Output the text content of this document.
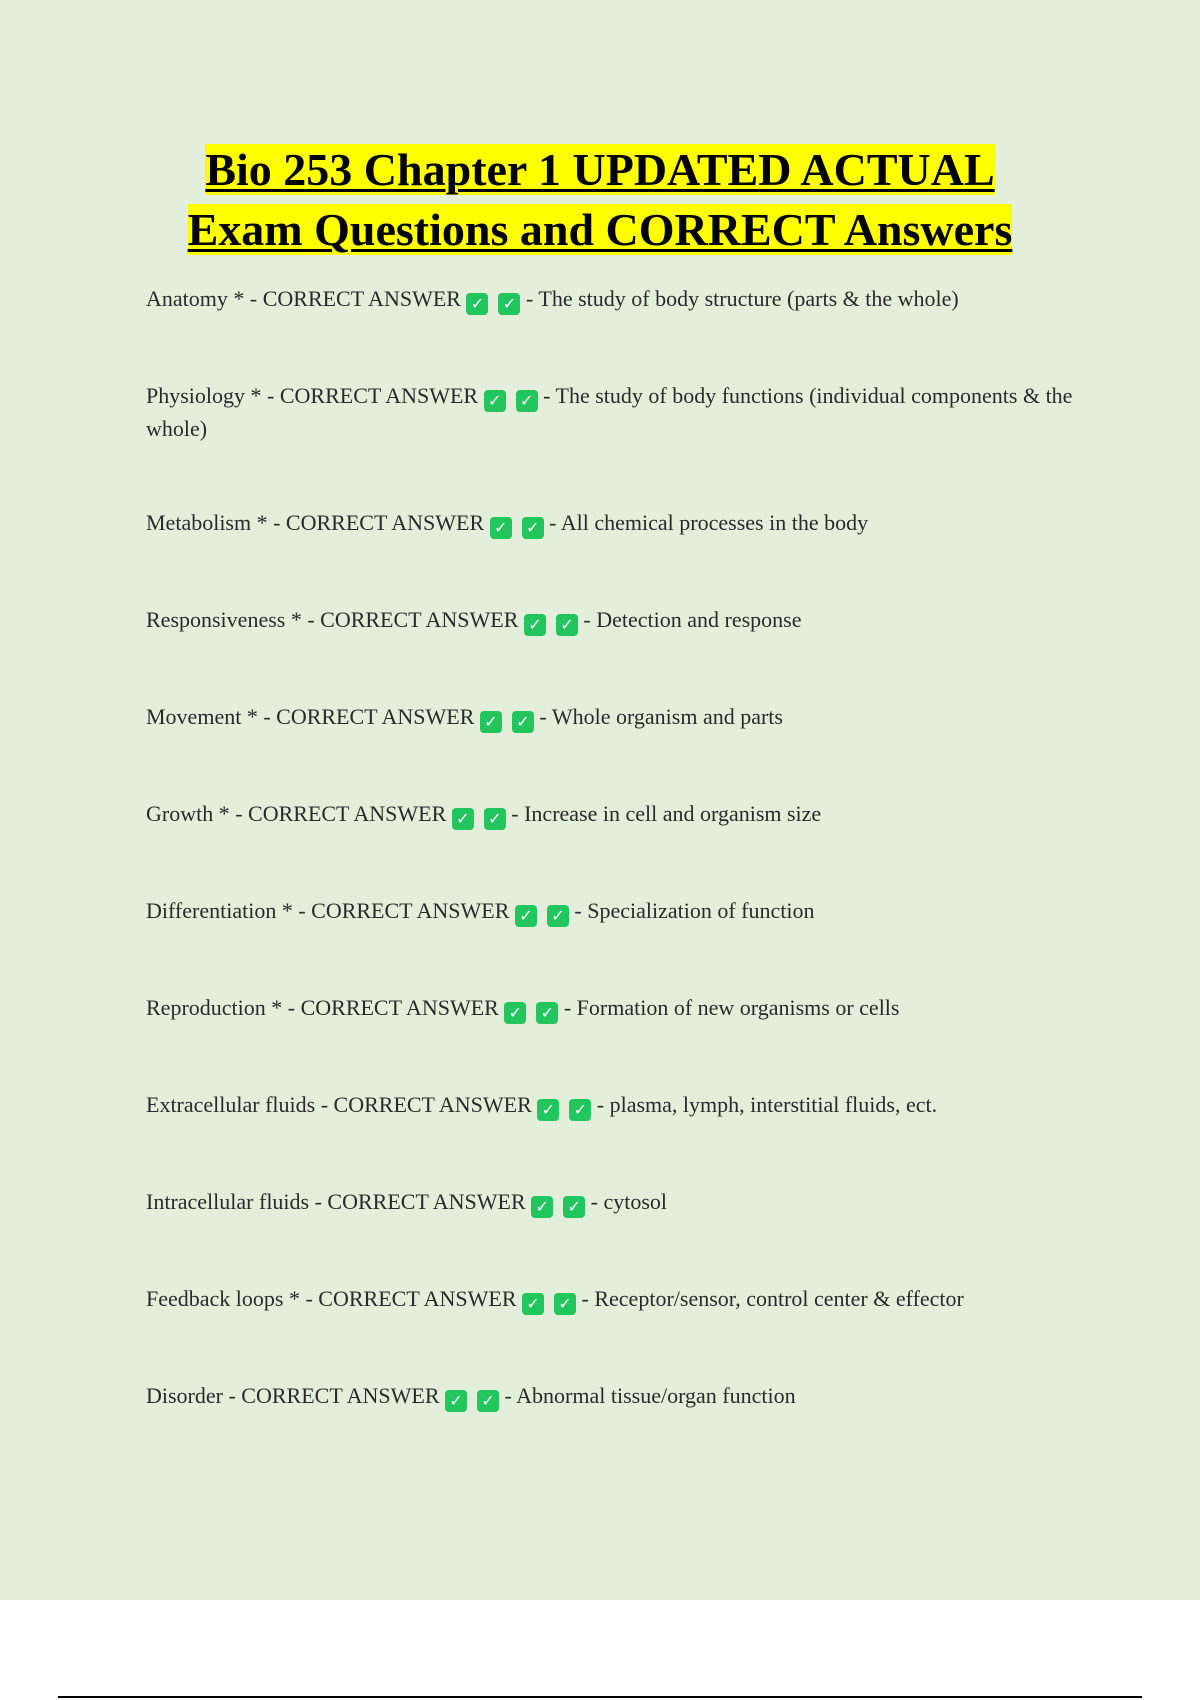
Bio 253 Chapter 1 UPDATED ACTUAL
Exam Questions and CORRECT Answers
Anatomy * - CORRECT ANSWER ✓ ✓ - The study of body structure (parts & the whole)
Physiology * - CORRECT ANSWER ✓ ✓ - The study of body functions (individual components & the whole)
Metabolism * - CORRECT ANSWER ✓ ✓ - All chemical processes in the body
Responsiveness * - CORRECT ANSWER ✓ ✓ - Detection and response
Movement * - CORRECT ANSWER ✓ ✓ - Whole organism and parts
Growth * - CORRECT ANSWER ✓ ✓ - Increase in cell and organism size
Differentiation * - CORRECT ANSWER ✓ ✓ - Specialization of function
Reproduction * - CORRECT ANSWER ✓ ✓ - Formation of new organisms or cells
Extracellular fluids - CORRECT ANSWER ✓ ✓ - plasma, lymph, interstitial fluids, ect.
Intracellular fluids - CORRECT ANSWER ✓ ✓ - cytosol
Feedback loops * - CORRECT ANSWER ✓ ✓ - Receptor/sensor, control center & effector
Disorder - CORRECT ANSWER ✓ ✓ - Abnormal tissue/organ function
